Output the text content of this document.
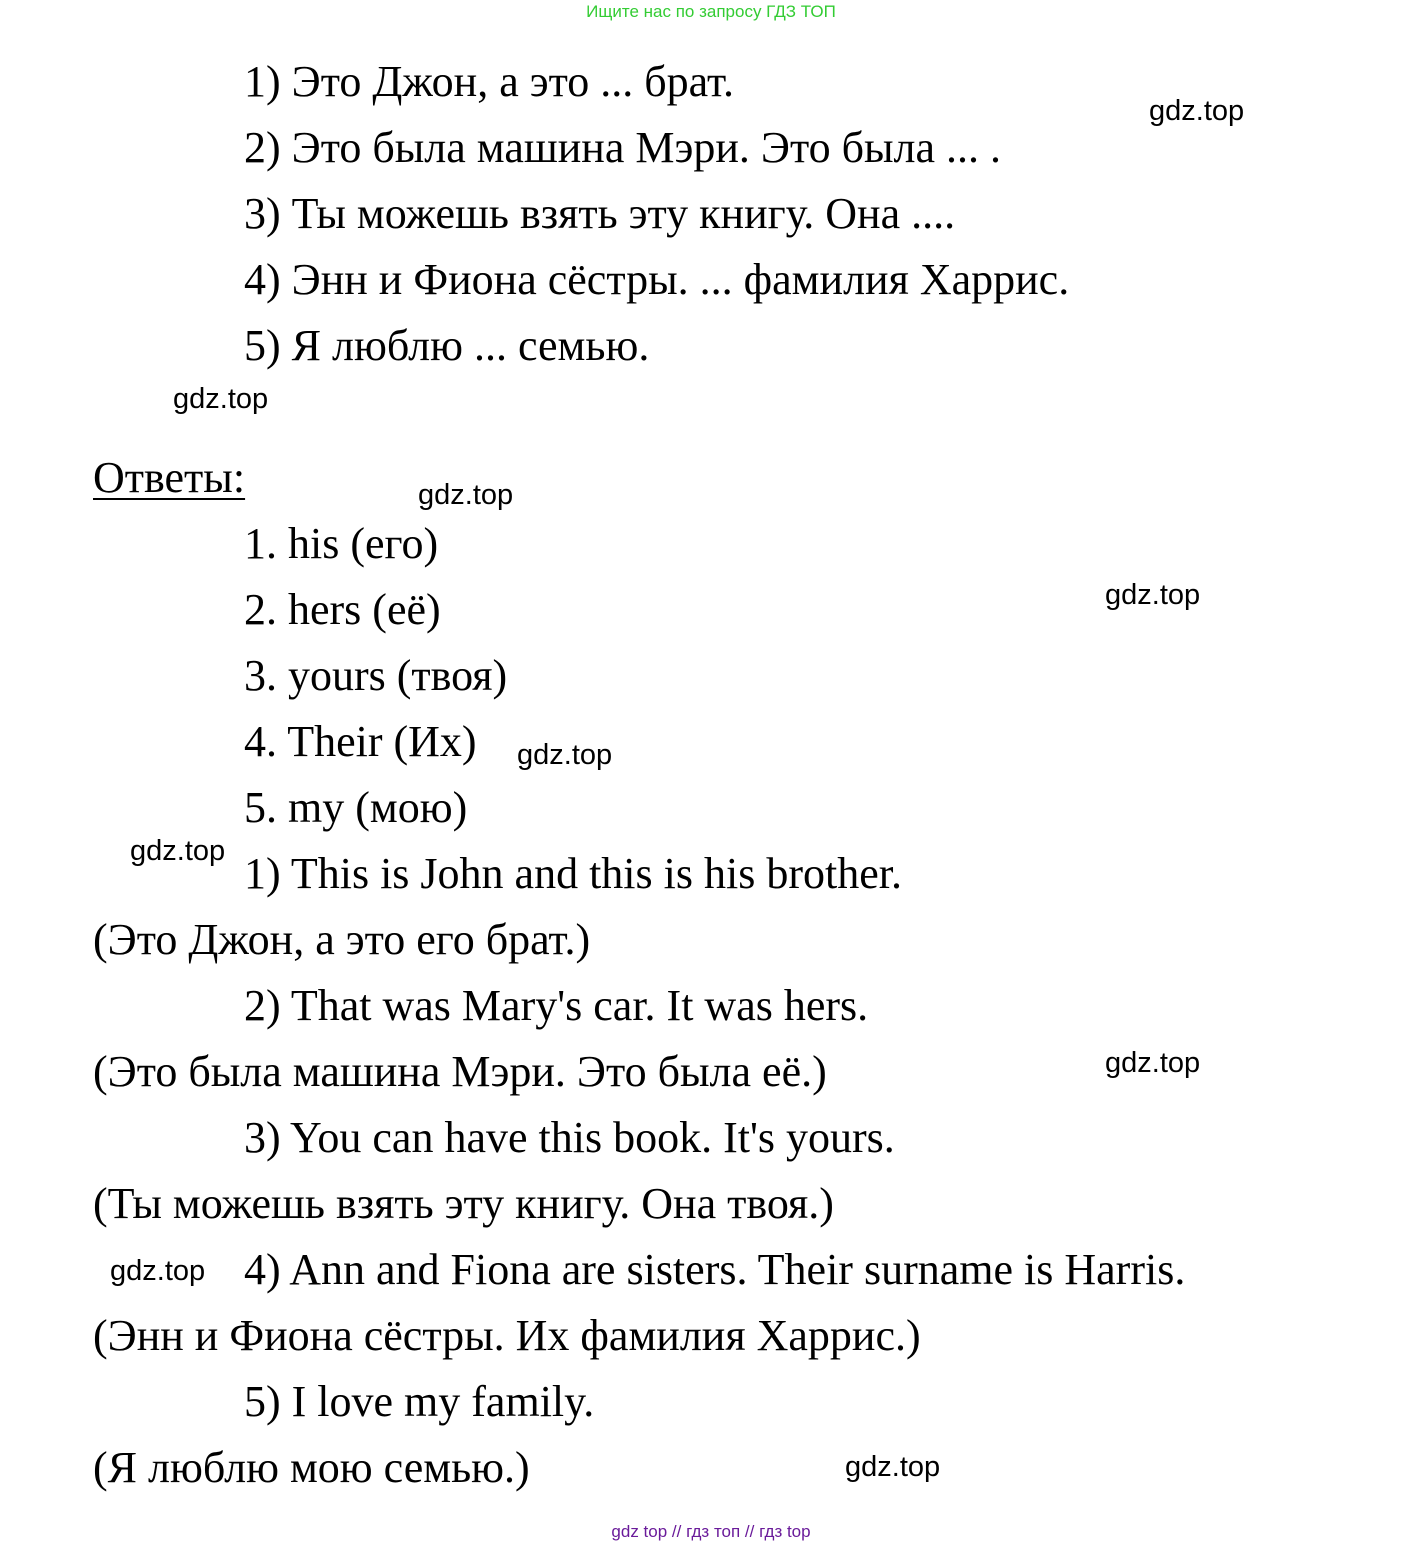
Ищите нас по запросу ГДЗ ТОП
1) Это Джон, а это ... брат.
2) Это была машина Мэри. Это была ... .
3) Ты можешь взять эту книгу. Она ....
4) Энн и Фиона сёстры. ... фамилия Харрис.
5) Я люблю ... семью.
Ответы:
1. his (его)
2. hers (её)
3. yours (твоя)
4. Their (Их)
5. my (мою)
1) This is John and this is his brother.
(Это Джон, а это его брат.)
2) That was Mary's car. It was hers.
(Это была машина Мэри. Это была её.)
3) You can have this book. It's yours.
(Ты можешь взять эту книгу. Она твоя.)
4) Ann and Fiona are sisters. Their surname is Harris.
(Энн и Фиона сёстры. Их фамилия Харрис.)
5) I love my family.
(Я люблю мою семью.)
gdz.top
gdz.top
gdz.top
gdz.top
gdz.top
gdz.top
gdz.top
gdz.top
gdz.top
gdz top // гдз топ // гдз top
